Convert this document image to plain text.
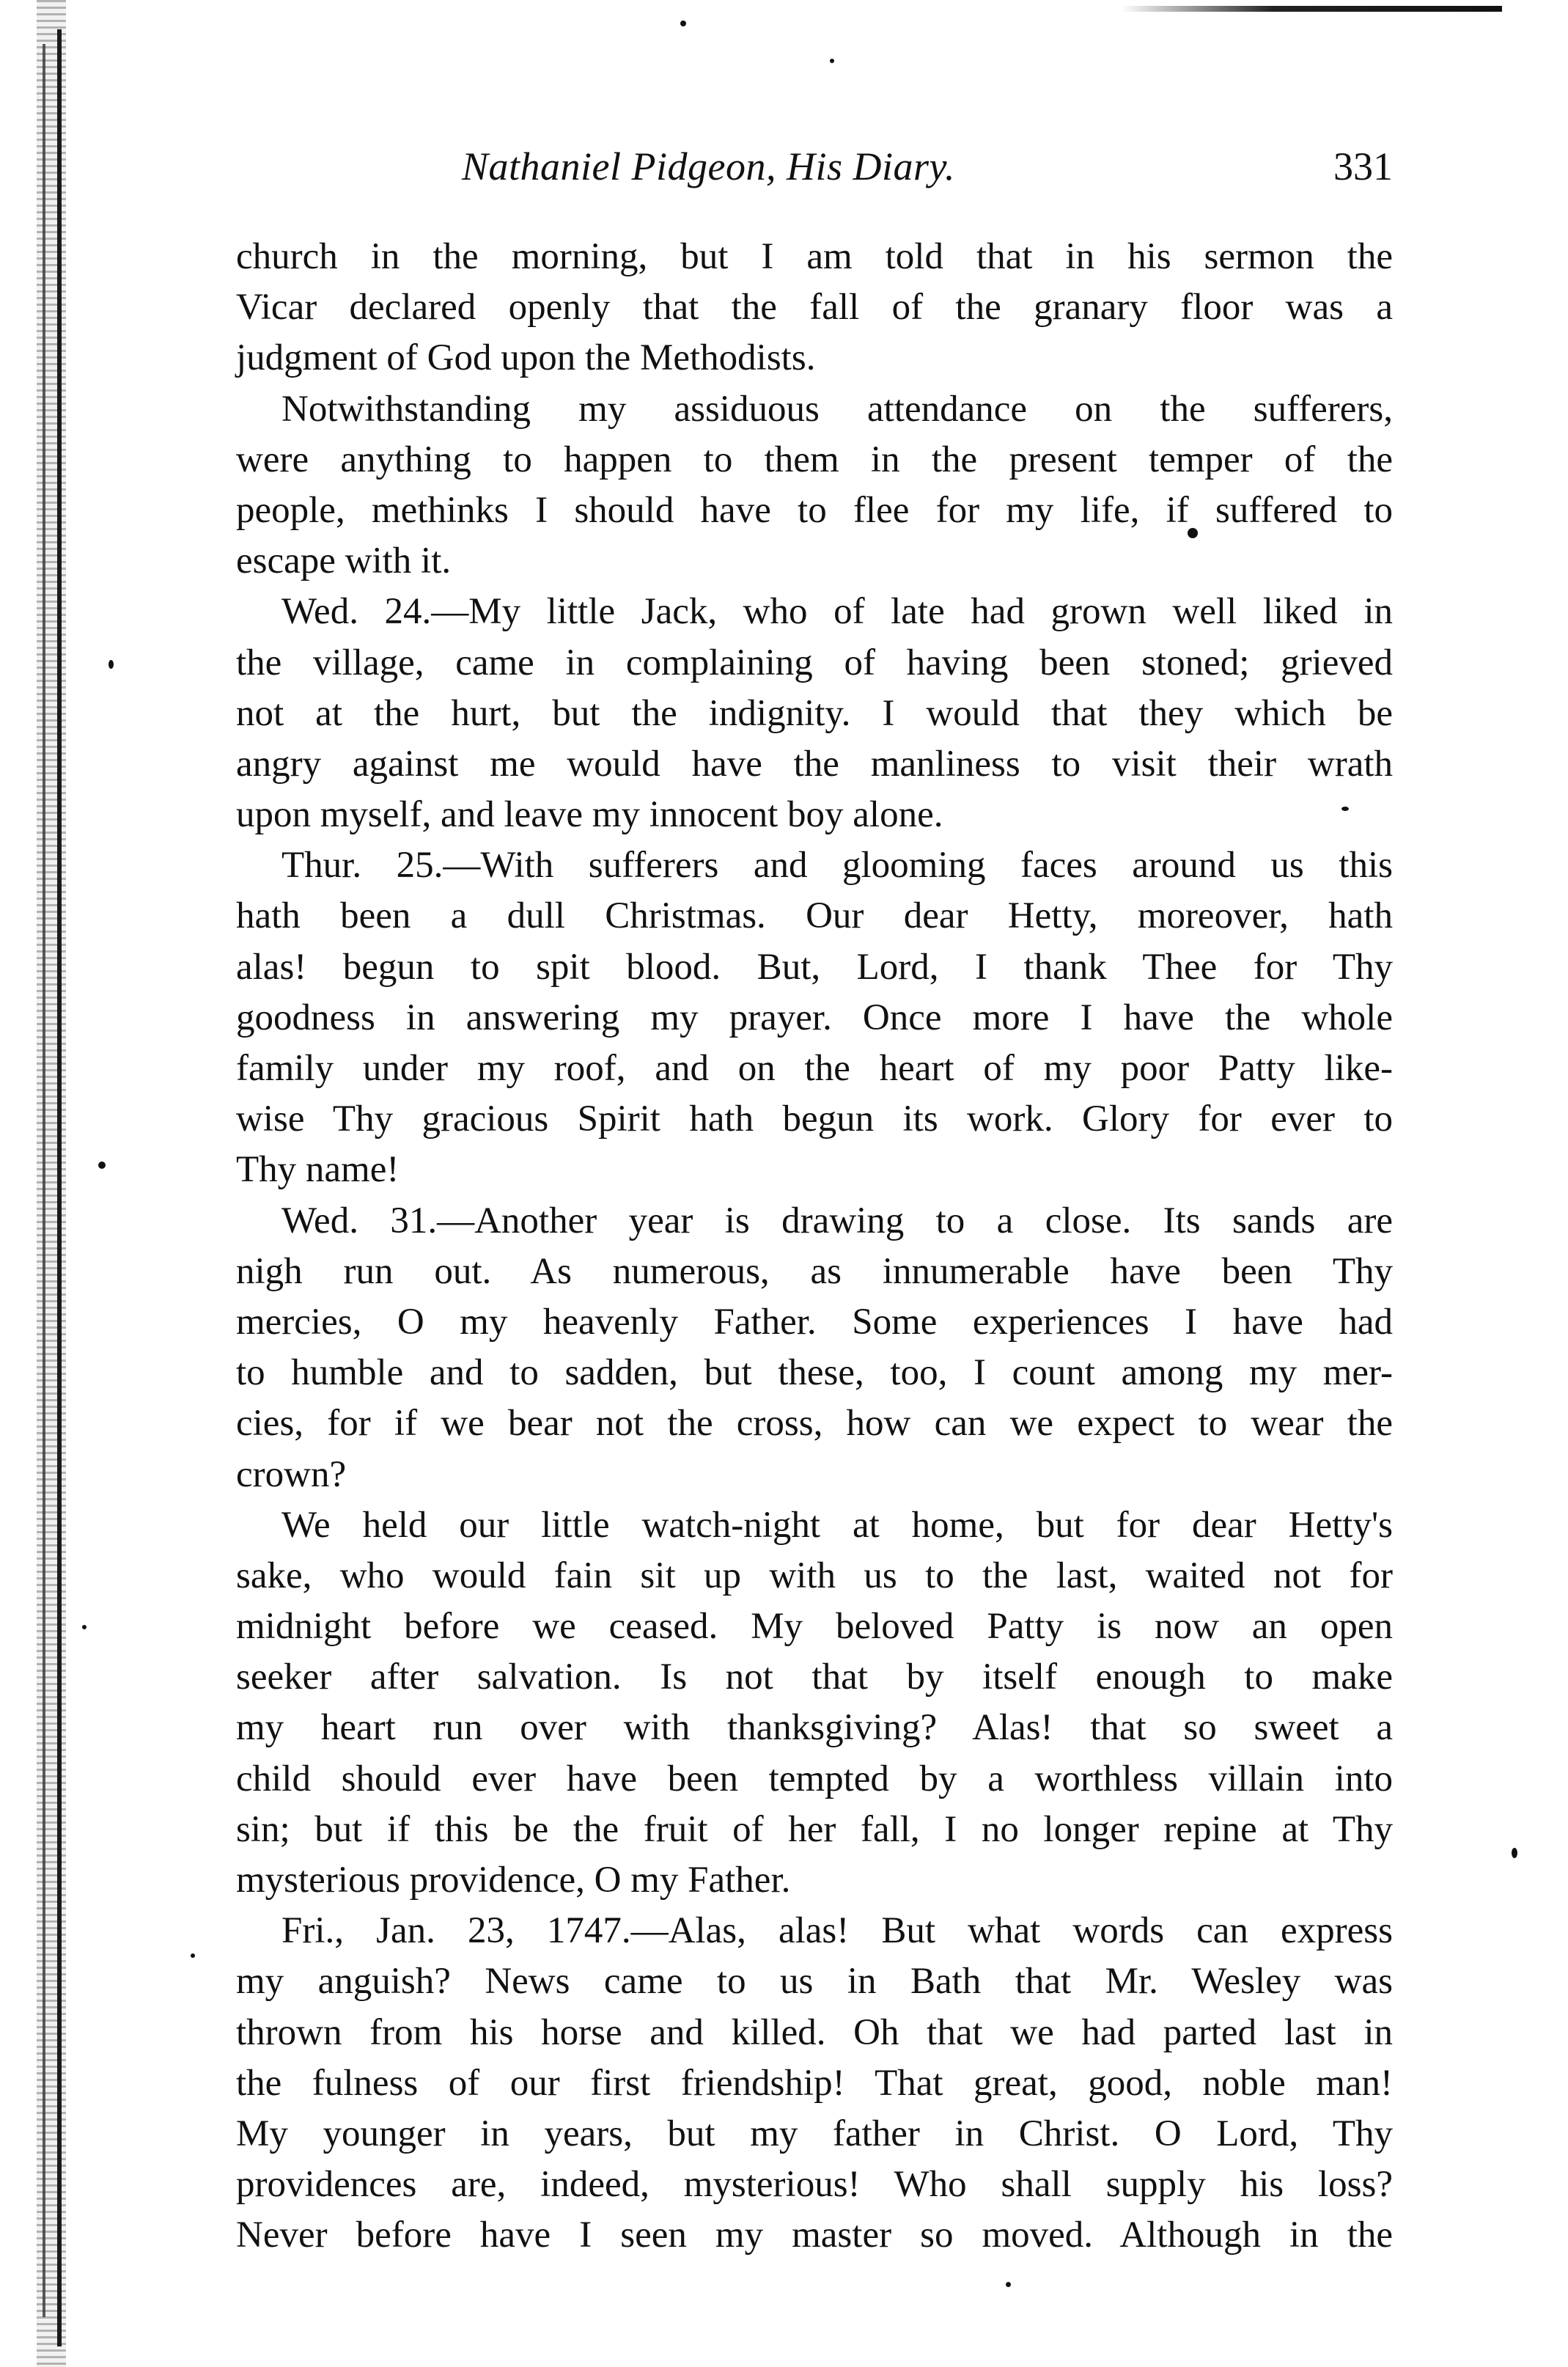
Nathaniel Pidgeon, His Diary.	331
church in the morning, but I am told that in his sermon the
Vicar declared openly that the fall of the granary floor was a
judgment of God upon the Methodists.
Notwithstanding my assiduous attendance on the sufferers,
were anything to happen to them in the present temper of the
people, methinks I should have to flee for my life, if suffered to
escape with it.
Wed. 24.—My little Jack, who of late had grown well liked in
the village, came in complaining of having been stoned; grieved
not at the hurt, but the indignity. I would that they which be
angry against me would have the manliness to visit their wrath
upon myself, and leave my innocent boy alone.
Thur. 25.—With sufferers and glooming faces around us this
hath been a dull Christmas. Our dear Hetty, moreover, hath
alas! begun to spit blood. But, Lord, I thank Thee for Thy
goodness in answering my prayer. Once more I have the whole
family under my roof, and on the heart of my poor Patty like-
wise Thy gracious Spirit hath begun its work. Glory for ever to
Thy name!
Wed. 31.—Another year is drawing to a close. Its sands are
nigh run out. As numerous, as innumerable have been Thy
mercies, O my heavenly Father. Some experiences I have had
to humble and to sadden, but these, too, I count among my mer-
cies, for if we bear not the cross, how can we expect to wear the
crown?
We held our little watch-night at home, but for dear Hetty's
sake, who would fain sit up with us to the last, waited not for
midnight before we ceased. My beloved Patty is now an open
seeker after salvation. Is not that by itself enough to make
my heart run over with thanksgiving? Alas! that so sweet a
child should ever have been tempted by a worthless villain into
sin; but if this be the fruit of her fall, I no longer repine at Thy
mysterious providence, O my Father.
Fri., Jan. 23, 1747.—Alas, alas! But what words can express
my anguish? News came to us in Bath that Mr. Wesley was
thrown from his horse and killed. Oh that we had parted last in
the fulness of our first friendship! That great, good, noble man!
My younger in years, but my father in Christ. O Lord, Thy
providences are, indeed, mysterious! Who shall supply his loss?
Never before have I seen my master so moved. Although in the
